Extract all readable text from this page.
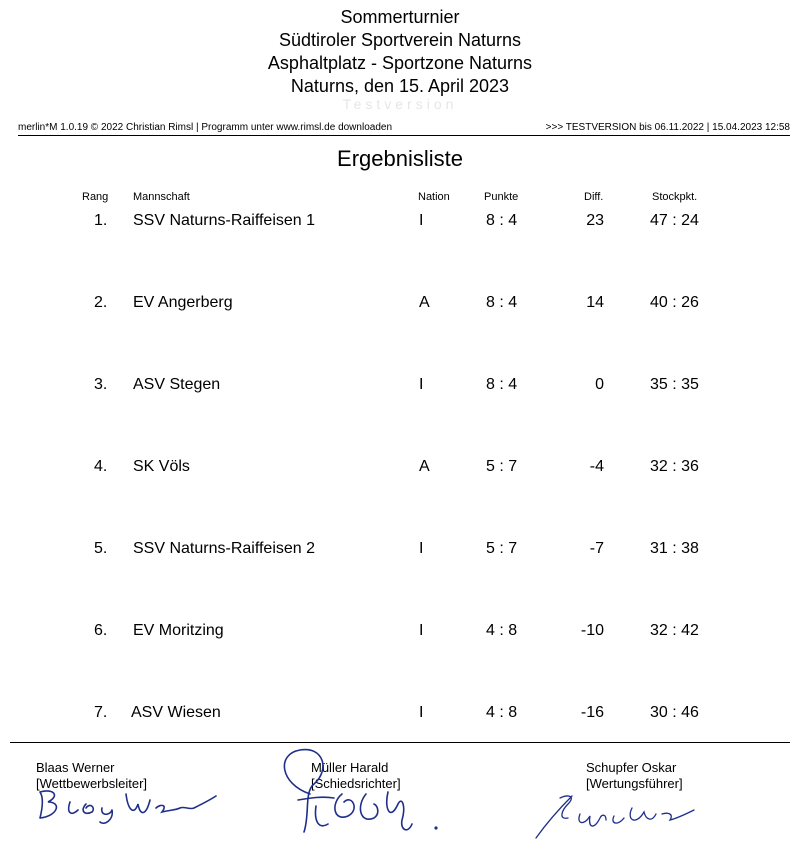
Sommerturnier
Südtiroler Sportverein Naturns
Asphaltplatz - Sportzone Naturns
Naturns, den 15. April 2023
Testversion
merlin*M 1.0.19 © 2022 Christian Rimsl | Programm unter www.rimsl.de downloaden	>>> TESTVERSION bis 06.11.2022 | 15.04.2023 12:58
Ergebnisliste
Rang Mannschaft	Nation	Punkte	Diff.	Stockpkt.
1. SSV Naturns-Raiffeisen 1	I	8 : 4	23	47 : 24
2. EV Angerberg	A	8 : 4	14	40 : 26
3. ASV Stegen	I	8 : 4	0	35 : 35
4. SK Völs	A	5 : 7	-4	32 : 36
5. SSV Naturns-Raiffeisen 2	I	5 : 7	-7	31 : 38
6. EV Moritzing	I	4 : 8	-10	32 : 42
7. ASV Wiesen	I	4 : 8	-16	30 : 46
Blaas Werner
[Wettbewerbsleiter]
Müller Harald
[Schiedsrichter]
Schupfer Oskar
[Wertungsführer]
